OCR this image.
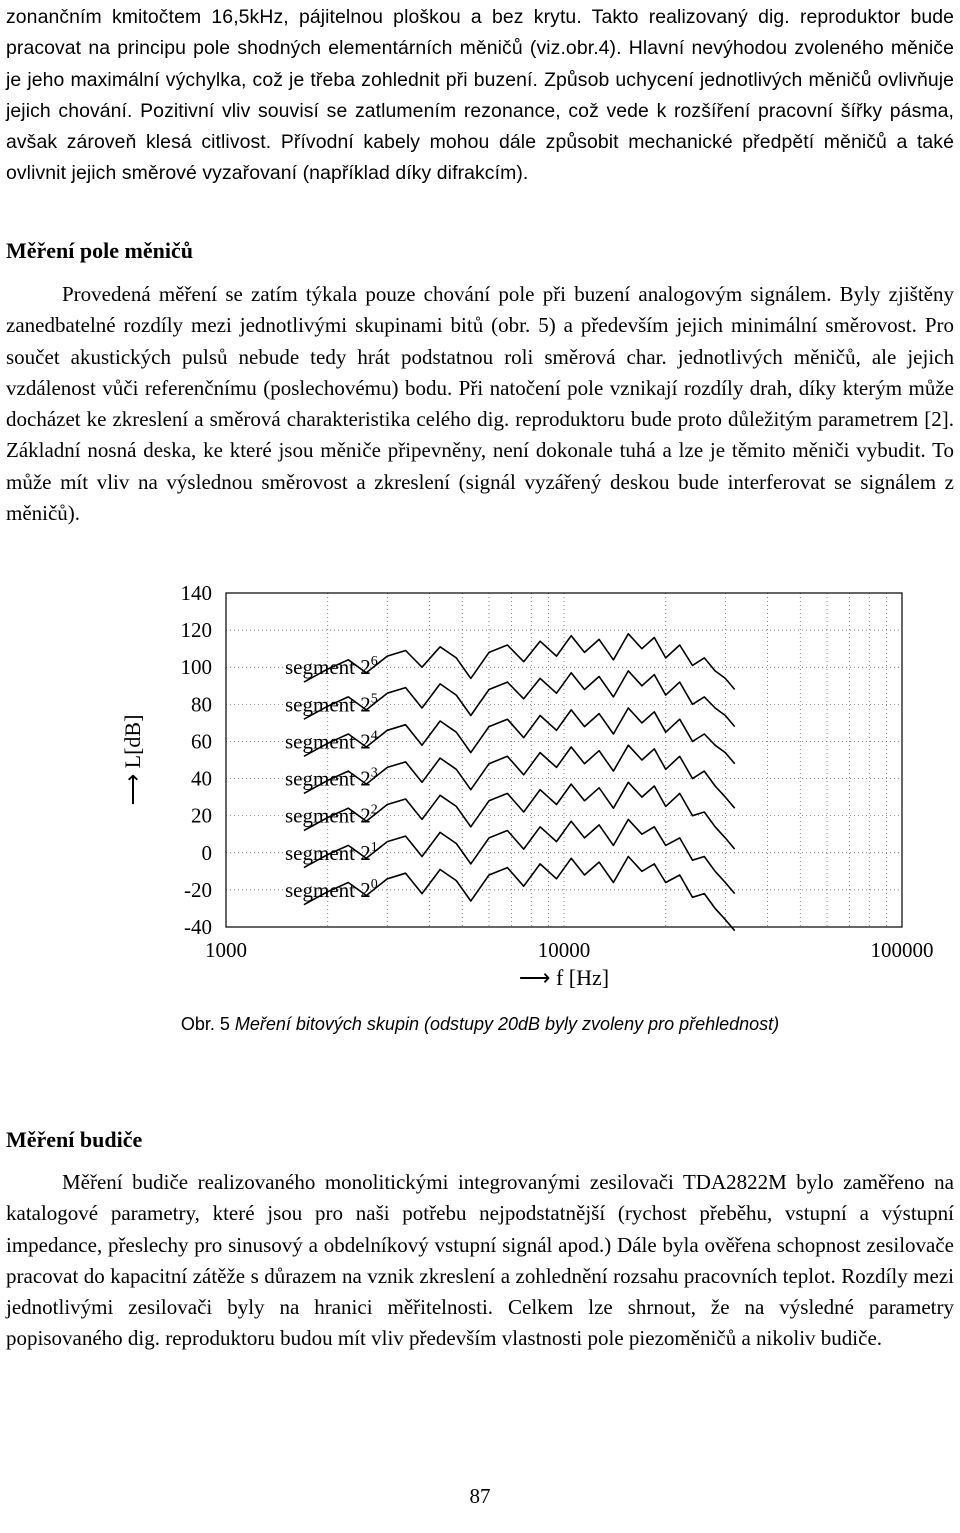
zonančním kmitočtem 16,5kHz, pájitelnou ploškou a bez krytu. Takto realizovaný dig. reproduktor bude pracovat na principu pole shodných elementárních měničů (viz.obr.4). Hlavní nevýhodou zvoleného měniče je jeho maximální výchylka, což je třeba zohlednit při buzení. Způsob uchycení jednotlivých měničů ovlivňuje jejich chování. Pozitivní vliv souvisí se zatlumením rezonance, což vede k rozšíření pracovní šířky pásma, avšak zároveň klesá citlivost. Přívodní kabely mohou dále způsobit mechanické předpětí měničů a také ovlivnit jejich směrové vyzařovaní (například díky difrakcím).

Měření pole měničů

Provedená měření se zatím týkala pouze chování pole při buzení analogovým signálem. Byly zjištěny zanedbatelné rozdíly mezi jednotlivými skupinami bitů (obr. 5) a především jejich minimální směrovost. Pro součet akustických pulsů nebude tedy hrát podstatnou roli směrová char. jednotlivých měničů, ale jejich vzdálenost vůči referenčnímu (poslechovému) bodu. Při natočení pole vznikají rozdíly drah, díky kterým může docházet ke zkreslení a směrová charakteristika celého dig. reproduktoru bude proto důležitým parametrem [2]. Základní nosná deska, ke které jsou měniče připevněny, není dokonale tuhá a lze je těmito měniči vybudit. To může mít vliv na výslednou směrovost a zkreslení (signál vyzářený deskou bude interferovat se signálem z měničů).

140
120
100
80
60
40
20
0
-20
-40
1000	10000	100000
segment $2^6$
segment $2^5$
segment $2^4$
segment $2^3$
segment $2^2$
segment $2^1$
segment $2^0$
⟶ L[dB]
⟶ f [Hz]
Obr. 5 Meření bitových skupin (odstupy 20dB byly zvoleny pro přehlednost)
Měření budiče

Měření budiče realizovaného monolitickými integrovanými zesilovači TDA2822M bylo zaměřeno na katalogové parametry, které jsou pro naši potřebu nejpodstatnější (rychost přeběhu, vstupní a výstupní impedance, přeslechy pro sinusový a obdelníkový vstupní signál apod.) Dále byla ověřena schopnost zesilovače pracovat do kapacitní zátěže s důrazem na vznik zkreslení a zohlednění rozsahu pracovních teplot. Rozdíly mezi jednotlivými zesilovači byly na hranici měřitelnosti. Celkem lze shrnout, že na výsledné parametry popisovaného dig. reproduktoru budou mít vliv především vlastnosti pole piezoměničů a nikoliv budiče.

87
